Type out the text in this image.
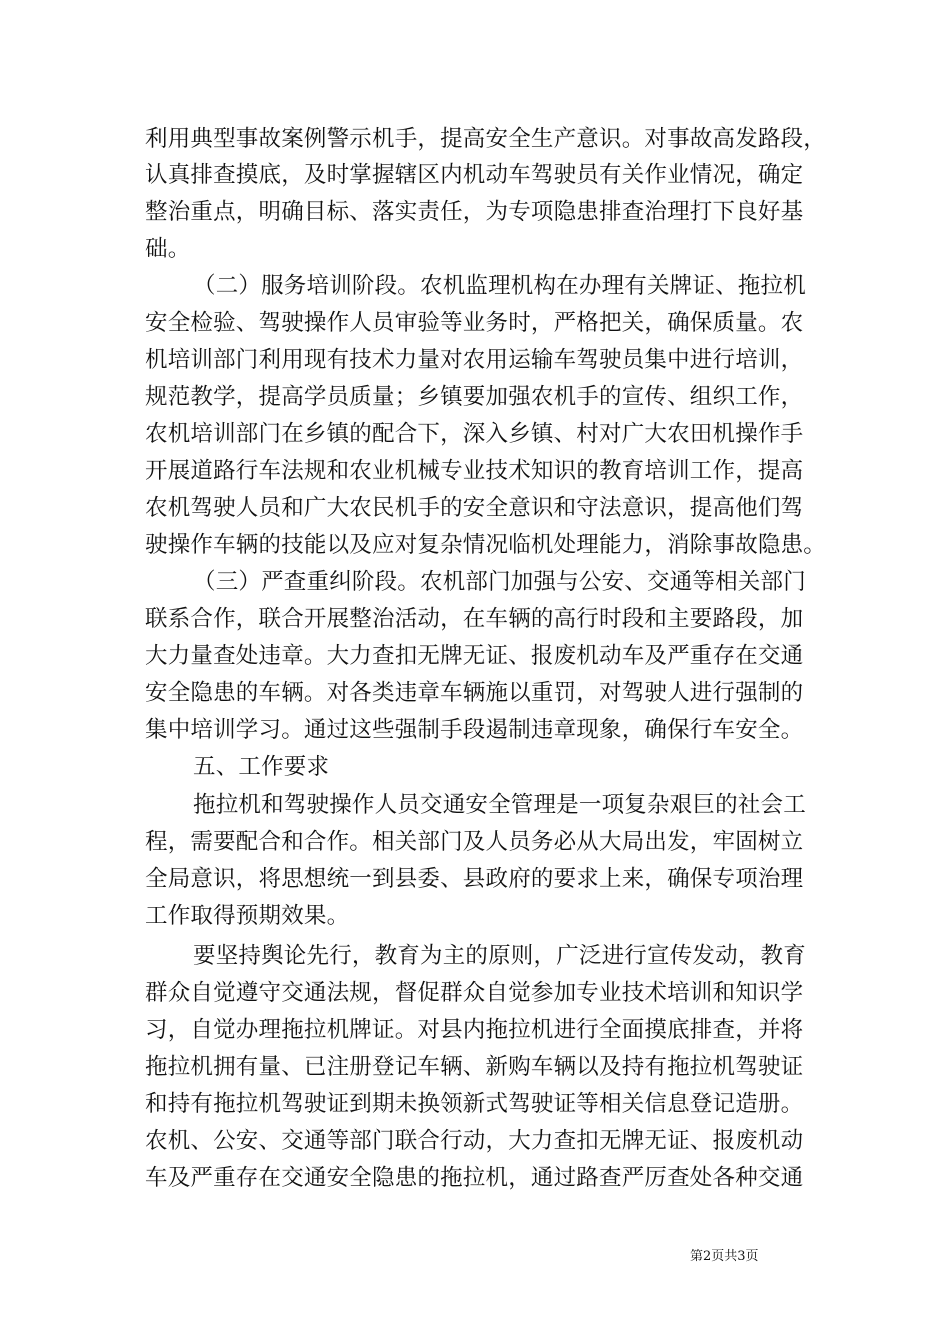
利用典型事故案例警示机手，提高安全生产意识。对事故高发路段，
认真排查摸底，及时掌握辖区内机动车驾驶员有关作业情况，确定
整治重点，明确目标、落实责任，为专项隐患排查治理打下良好基
础。
（二）服务培训阶段。农机监理机构在办理有关牌证、拖拉机
安全检验、驾驶操作人员审验等业务时，严格把关，确保质量。农
机培训部门利用现有技术力量对农用运输车驾驶员集中进行培训，
规范教学，提高学员质量；乡镇要加强农机手的宣传、组织工作，
农机培训部门在乡镇的配合下，深入乡镇、村对广大农田机操作手
开展道路行车法规和农业机械专业技术知识的教育培训工作，提高
农机驾驶人员和广大农民机手的安全意识和守法意识，提高他们驾
驶操作车辆的技能以及应对复杂情况临机处理能力，消除事故隐患。
（三）严查重纠阶段。农机部门加强与公安、交通等相关部门
联系合作，联合开展整治活动，在车辆的高行时段和主要路段，加
大力量查处违章。大力查扣无牌无证、报废机动车及严重存在交通
安全隐患的车辆。对各类违章车辆施以重罚，对驾驶人进行强制的
集中培训学习。通过这些强制手段遏制违章现象，确保行车安全。
五、工作要求
拖拉机和驾驶操作人员交通安全管理是一项复杂艰巨的社会工
程，需要配合和合作。相关部门及人员务必从大局出发，牢固树立
全局意识，将思想统一到县委、县政府的要求上来，确保专项治理
工作取得预期效果。
要坚持舆论先行，教育为主的原则，广泛进行宣传发动，教育
群众自觉遵守交通法规，督促群众自觉参加专业技术培训和知识学
习，自觉办理拖拉机牌证。对县内拖拉机进行全面摸底排查，并将
拖拉机拥有量、已注册登记车辆、新购车辆以及持有拖拉机驾驶证
和持有拖拉机驾驶证到期未换领新式驾驶证等相关信息登记造册。
农机、公安、交通等部门联合行动，大力查扣无牌无证、报废机动
车及严重存在交通安全隐患的拖拉机，通过路查严厉查处各种交通
第2页共3页
